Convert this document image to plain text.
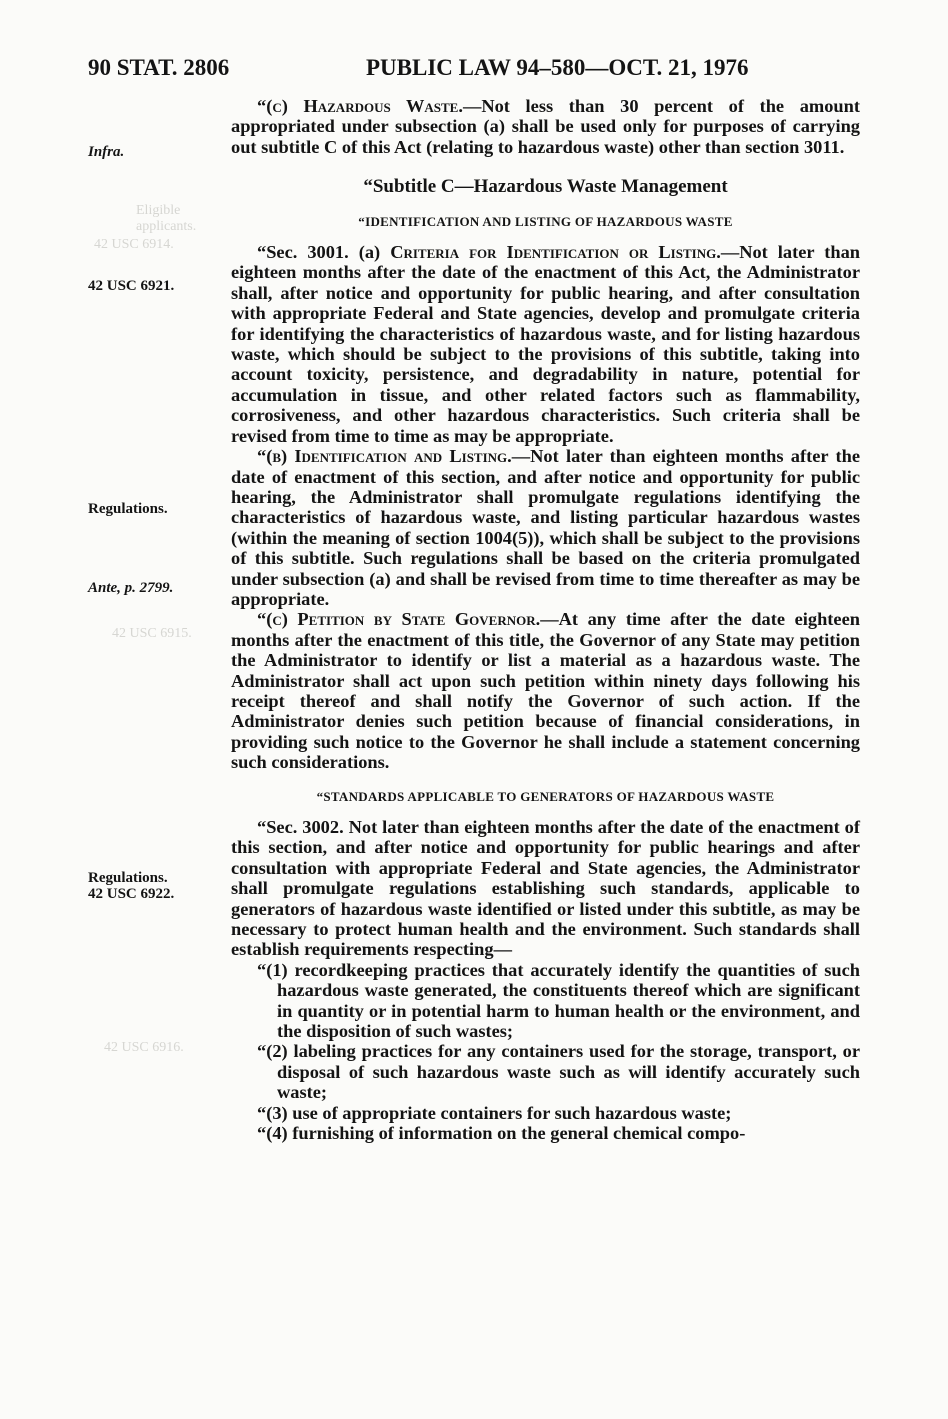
Eligible
applicants.
42 USC 6914.
42 USC 6915.
42 USC 6916.
90 STAT. 2806	PUBLIC LAW 94–580—OCT. 21, 1976
Infra.
42 USC 6921.
Regulations.
Ante, p. 2799.
Regulations.
42 USC 6922.

“(c) Hazardous Waste.—Not less than 30 percent of the amount appropriated under subsection (a) shall be used only for purposes of carrying out subtitle C of this Act (relating to hazardous waste) other than section 3011.

“Subtitle C—Hazardous Waste Management

“IDENTIFICATION AND LISTING OF HAZARDOUS WASTE

“Sec. 3001. (a) Criteria for Identification or Listing.—Not later than eighteen months after the date of the enactment of this Act, the Administrator shall, after notice and opportunity for public hearing, and after consultation with appropriate Federal and State agencies, develop and promulgate criteria for identifying the characteristics of hazardous waste, and for listing hazardous waste, which should be subject to the provisions of this subtitle, taking into account toxicity, persistence, and degradability in nature, potential for accumulation in tissue, and other related factors such as flammability, corrosiveness, and other hazardous characteristics. Such criteria shall be revised from time to time as may be appropriate.

“(b) Identification and Listing.—Not later than eighteen months after the date of enactment of this section, and after notice and opportunity for public hearing, the Administrator shall promulgate regulations identifying the characteristics of hazardous waste, and listing particular hazardous wastes (within the meaning of section 1004(5)), which shall be subject to the provisions of this subtitle. Such regulations shall be based on the criteria promulgated under subsection (a) and shall be revised from time to time thereafter as may be appropriate.

“(c) Petition by State Governor.—At any time after the date eighteen months after the enactment of this title, the Governor of any State may petition the Administrator to identify or list a material as a hazardous waste. The Administrator shall act upon such petition within ninety days following his receipt thereof and shall notify the Governor of such action. If the Administrator denies such petition because of financial considerations, in providing such notice to the Governor he shall include a statement concerning such considerations.

“STANDARDS APPLICABLE TO GENERATORS OF HAZARDOUS WASTE

“Sec. 3002. Not later than eighteen months after the date of the enactment of this section, and after notice and opportunity for public hearings and after consultation with appropriate Federal and State agencies, the Administrator shall promulgate regulations establishing such standards, applicable to generators of hazardous waste identified or listed under this subtitle, as may be necessary to protect human health and the environment. Such standards shall establish requirements respecting—

“(1) recordkeeping practices that accurately identify the quantities of such hazardous waste generated, the constituents thereof which are significant in quantity or in potential harm to human health or the environment, and the disposition of such wastes;

“(2) labeling practices for any containers used for the storage, transport, or disposal of such hazardous waste such as will identify accurately such waste;

“(3) use of appropriate containers for such hazardous waste;

“(4) furnishing of information on the general chemical compo-
